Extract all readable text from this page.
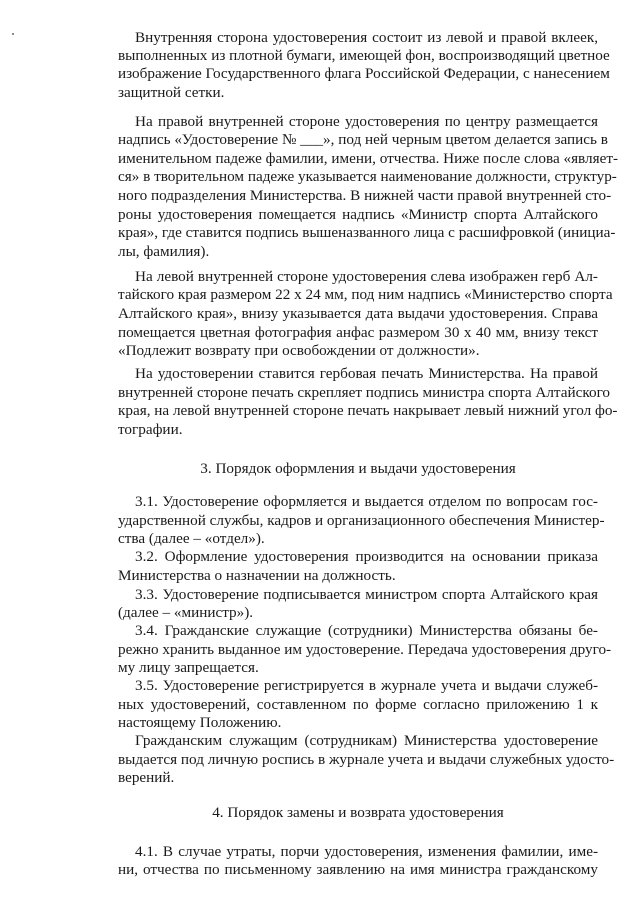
Внутренняя сторона удостоверения состоит из левой и правой вклеек,
выполненных из плотной бумаги, имеющей фон, воспроизводящий цветное
изображение Государственного флага Российской Федерации, с нанесением
защитной сетки.
На правой внутренней стороне удостоверения по центру размещается
надпись «Удостоверение № ___», под ней черным цветом делается запись в
именительном падеже фамилии, имени, отчества. Ниже после слова «являет-
ся» в творительном падеже указывается наименование должности, структур-
ного подразделения Министерства. В нижней части правой внутренней сто-
роны удостоверения помещается надпись «Министр спорта Алтайского
края», где ставится подпись вышеназванного лица с расшифровкой (инициа-
лы, фамилия).
На левой внутренней стороне удостоверения слева изображен герб Ал-
тайского края размером 22 х 24 мм, под ним надпись «Министерство спорта
Алтайского края», внизу указывается дата выдачи удостоверения. Справа
помещается цветная фотография анфас размером 30 х 40 мм, внизу текст
«Подлежит возврату при освобождении от должности».
На удостоверении ставится гербовая печать Министерства. На правой
внутренней стороне печать скрепляет подпись министра спорта Алтайского
края, на левой внутренней стороне печать накрывает левый нижний угол фо-
тографии.
3. Порядок оформления и выдачи удостоверения
3.1. Удостоверение оформляется и выдается отделом по вопросам гос-
ударственной службы, кадров и организационного обеспечения Министер-
ства (далее – «отдел»).
3.2. Оформление удостоверения производится на основании приказа
Министерства о назначении на должность.
3.3. Удостоверение подписывается министром спорта Алтайского края
(далее – «министр»).
3.4. Гражданские служащие (сотрудники) Министерства обязаны бе-
режно хранить выданное им удостоверение. Передача удостоверения друго-
му лицу запрещается.
3.5. Удостоверение регистрируется в журнале учета и выдачи служеб-
ных удостоверений, составленном по форме согласно приложению 1 к
настоящему Положению.
Гражданским служащим (сотрудникам) Министерства удостоверение
выдается под личную роспись в журнале учета и выдачи служебных удосто-
верений.
4. Порядок замены и возврата удостоверения
4.1. В случае утраты, порчи удостоверения, изменения фамилии, име-
ни, отчества по письменному заявлению на имя министра гражданскому
